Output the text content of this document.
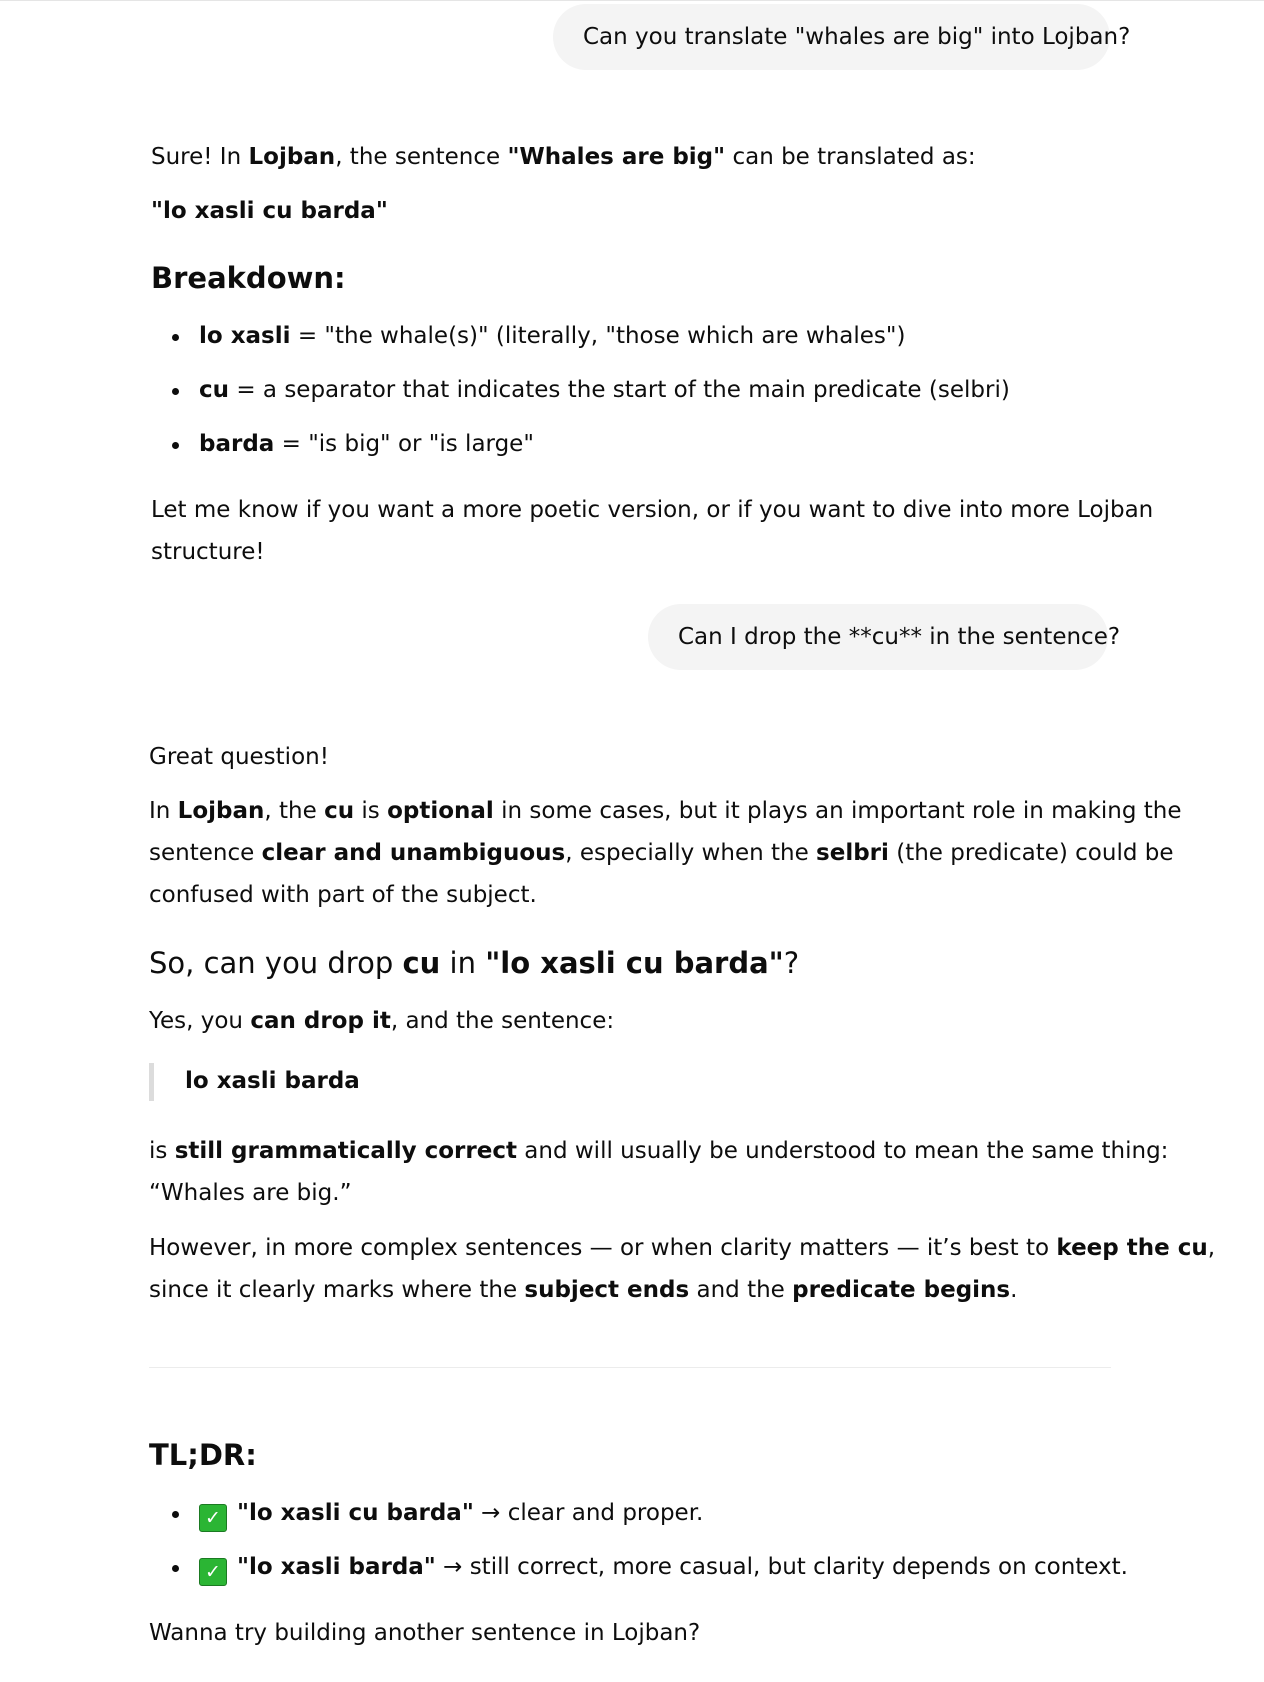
Can you translate "whales are big" into Lojban?
Sure! In Lojban, the sentence "Whales are big" can be translated as:
"lo xasli cu barda"
Breakdown:
lo xasli = "the whale(s)" (literally, "those which are whales")
cu = a separator that indicates the start of the main predicate (selbri)
barda = "is big" or "is large"
Let me know if you want a more poetic version, or if you want to dive into more Lojban
structure!
Can I drop the **cu** in the sentence?
Great question!
In Lojban, the cu is optional in some cases, but it plays an important role in making the
sentence clear and unambiguous, especially when the selbri (the predicate) could be
confused with part of the subject.
So, can you drop cu in "lo xasli cu barda"?
Yes, you can drop it, and the sentence:
lo xasli barda
is still grammatically correct and will usually be understood to mean the same thing:
“Whales are big.”
However, in more complex sentences — or when clarity matters — it’s best to keep the cu,
since it clearly marks where the subject ends and the predicate begins.
TL;DR:
✓ "lo xasli cu barda" → clear and proper.
✓ "lo xasli barda" → still correct, more casual, but clarity depends on context.
Wanna try building another sentence in Lojban?
